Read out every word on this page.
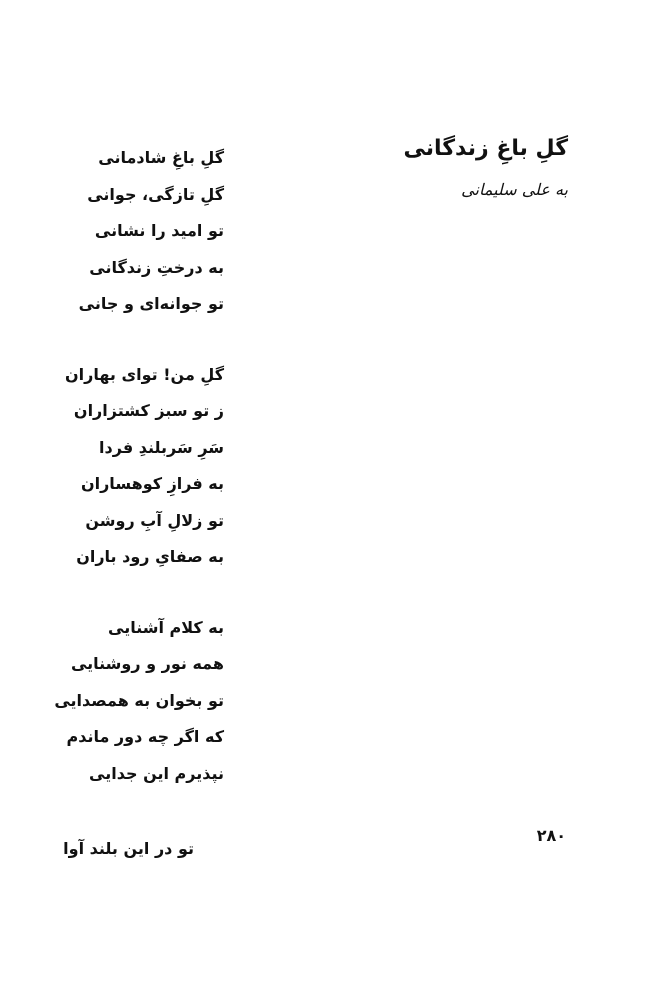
گلِ باغِ زندگانی
به علی سلیمانی
گلِ باغِ شادمانی
گلِ تازگی، جوانی
تو امید را نشانی
به درختِ زندگانی
تو جوانه‌ای و جانی
گلِ من! توای بهاران
ز تو سبز کشتزاران
سَرِ سَربلندِ فردا
به فرازِ کوهساران
تو زلالِ آبِ روشن
به صفایِ رود باران
به کلام آشنایی
همه نور و روشنایی
تو بخوان به همصدایی
که اگر چه دور ماندم
نپذیرم این جدایی
۲۸۰
تو در این بلند آوا
